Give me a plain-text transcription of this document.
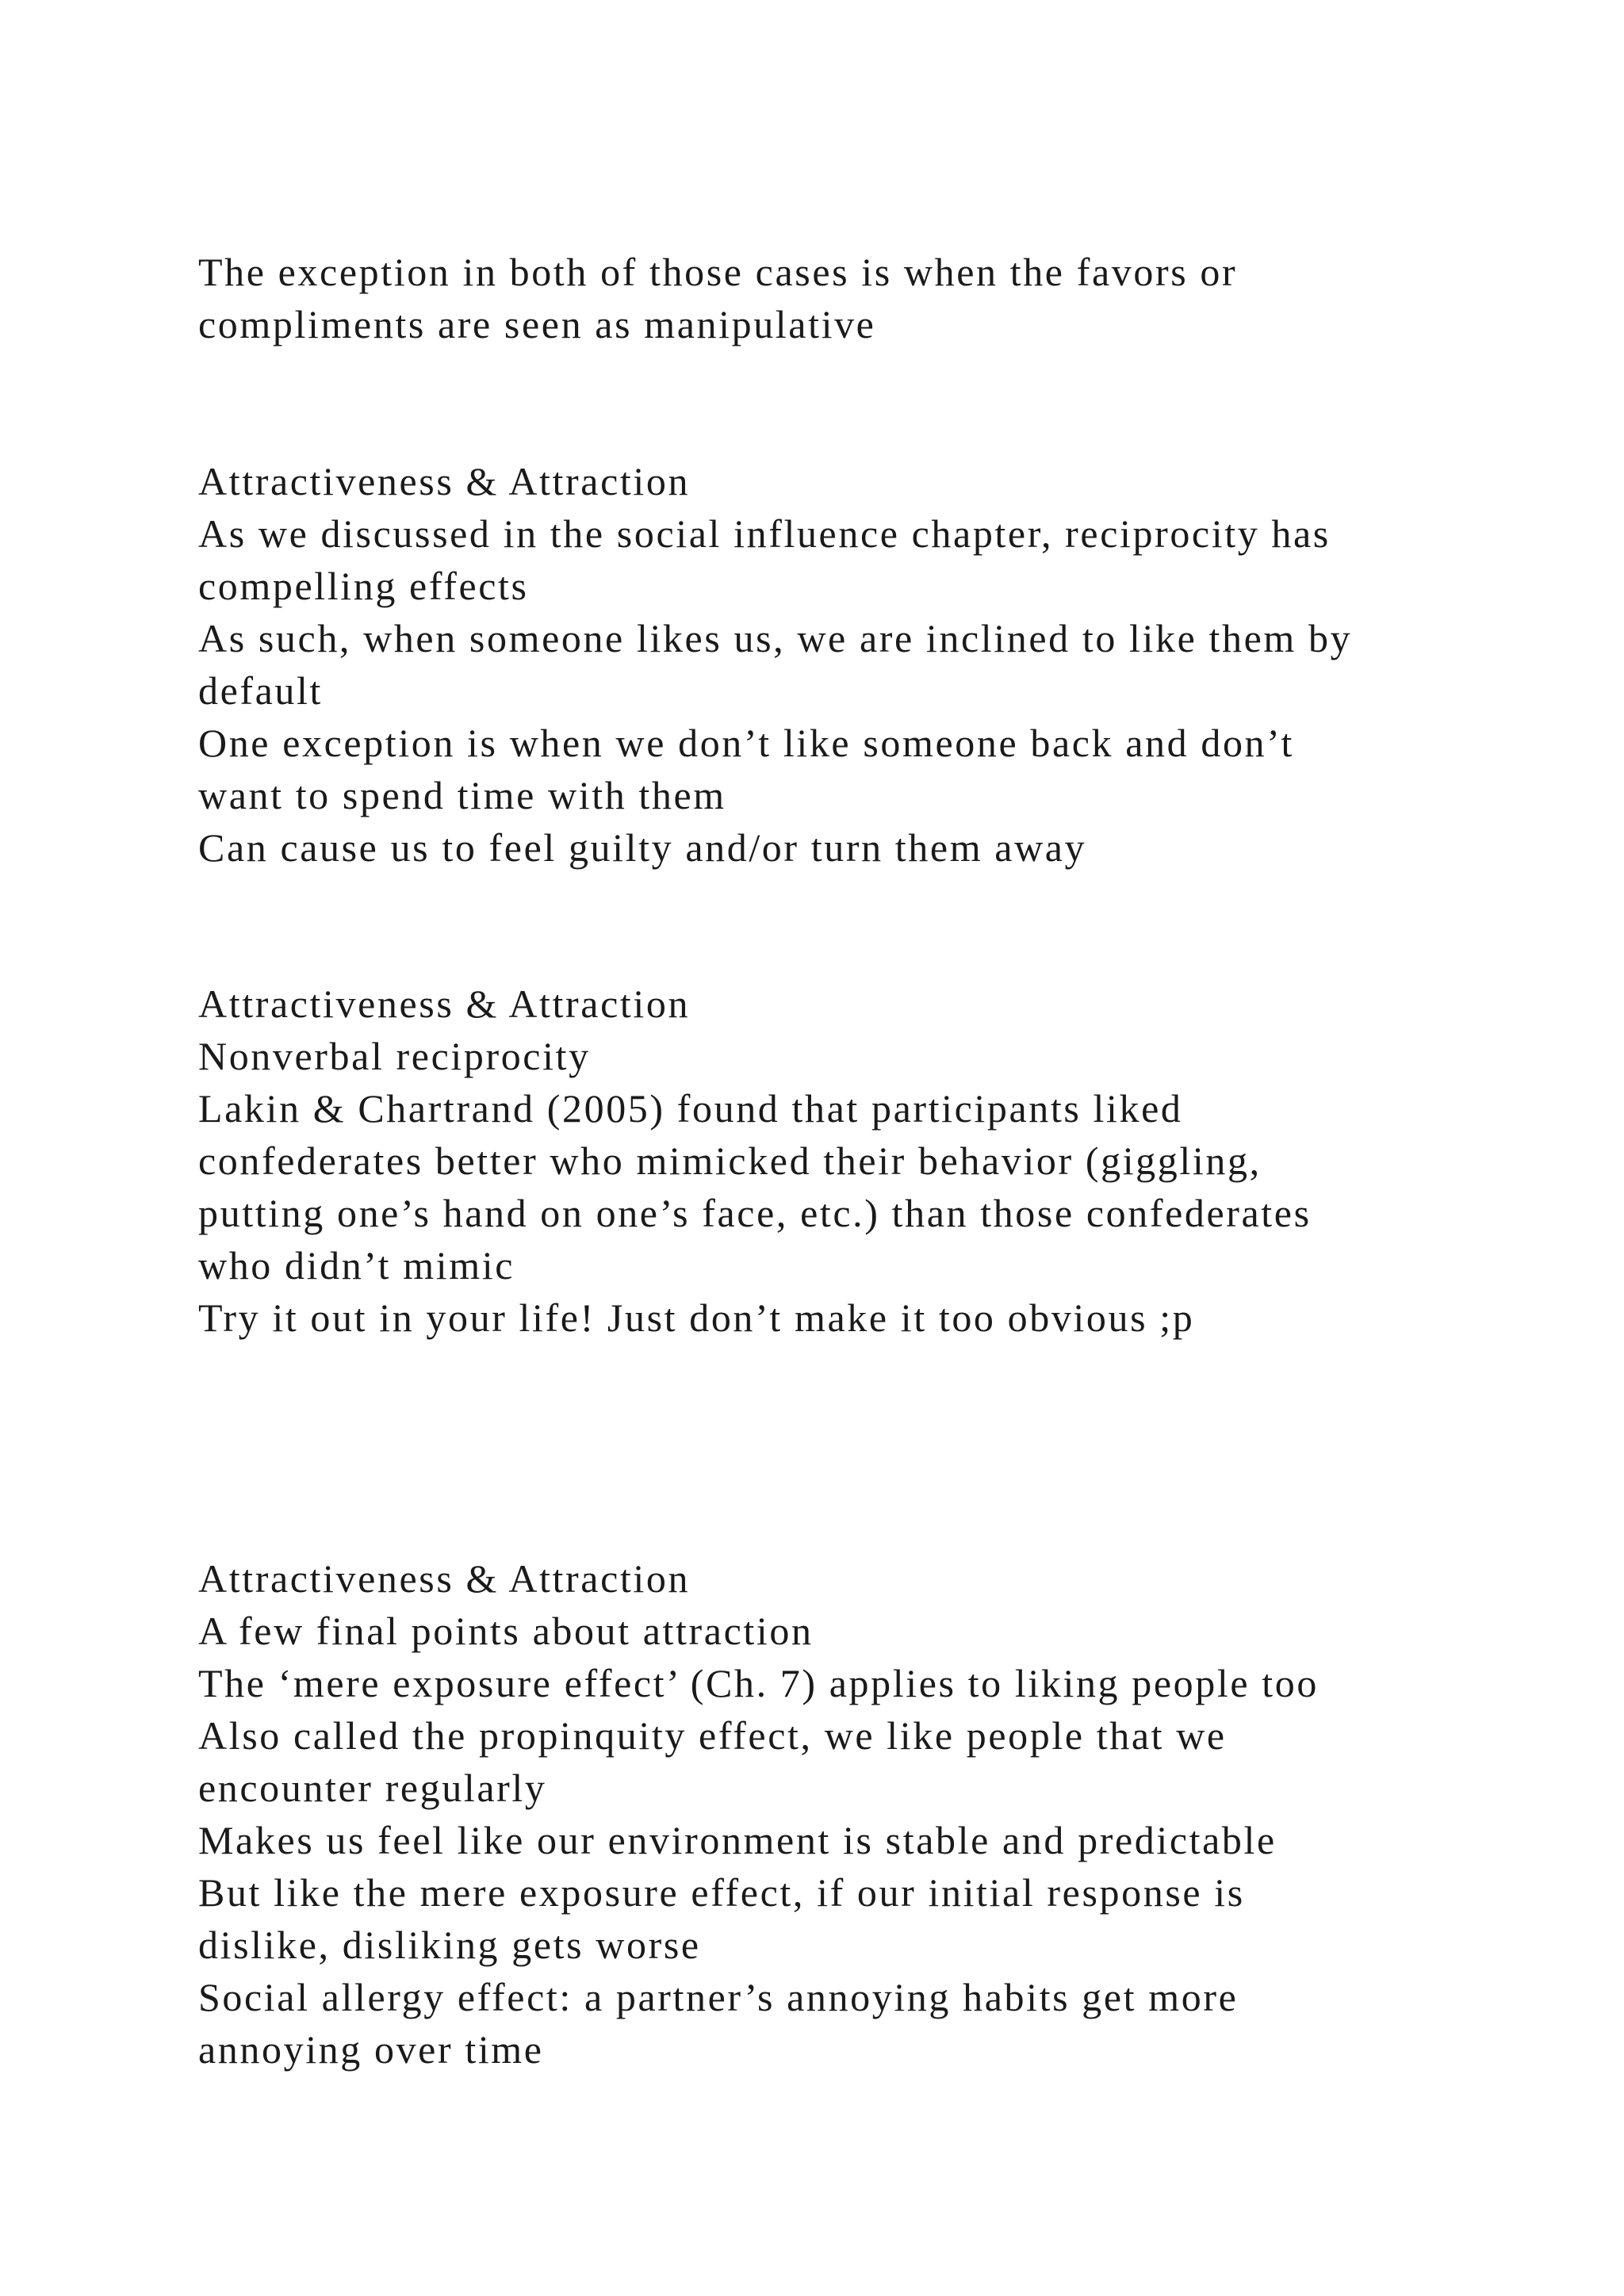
The exception in both of those cases is when the favors or
compliments are seen as manipulative
Attractiveness & Attraction
As we discussed in the social influence chapter, reciprocity has
compelling effects
As such, when someone likes us, we are inclined to like them by
default
One exception is when we don’t like someone back and don’t
want to spend time with them
Can cause us to feel guilty and/or turn them away
Attractiveness & Attraction
Nonverbal reciprocity
Lakin & Chartrand (2005) found that participants liked
confederates better who mimicked their behavior (giggling,
putting one’s hand on one’s face, etc.) than those confederates
who didn’t mimic
Try it out in your life! Just don’t make it too obvious ;p
Attractiveness & Attraction
A few final points about attraction
The ‘mere exposure effect’ (Ch. 7) applies to liking people too
Also called the propinquity effect, we like people that we
encounter regularly
Makes us feel like our environment is stable and predictable
But like the mere exposure effect, if our initial response is
dislike, disliking gets worse
Social allergy effect: a partner’s annoying habits get more
annoying over time
